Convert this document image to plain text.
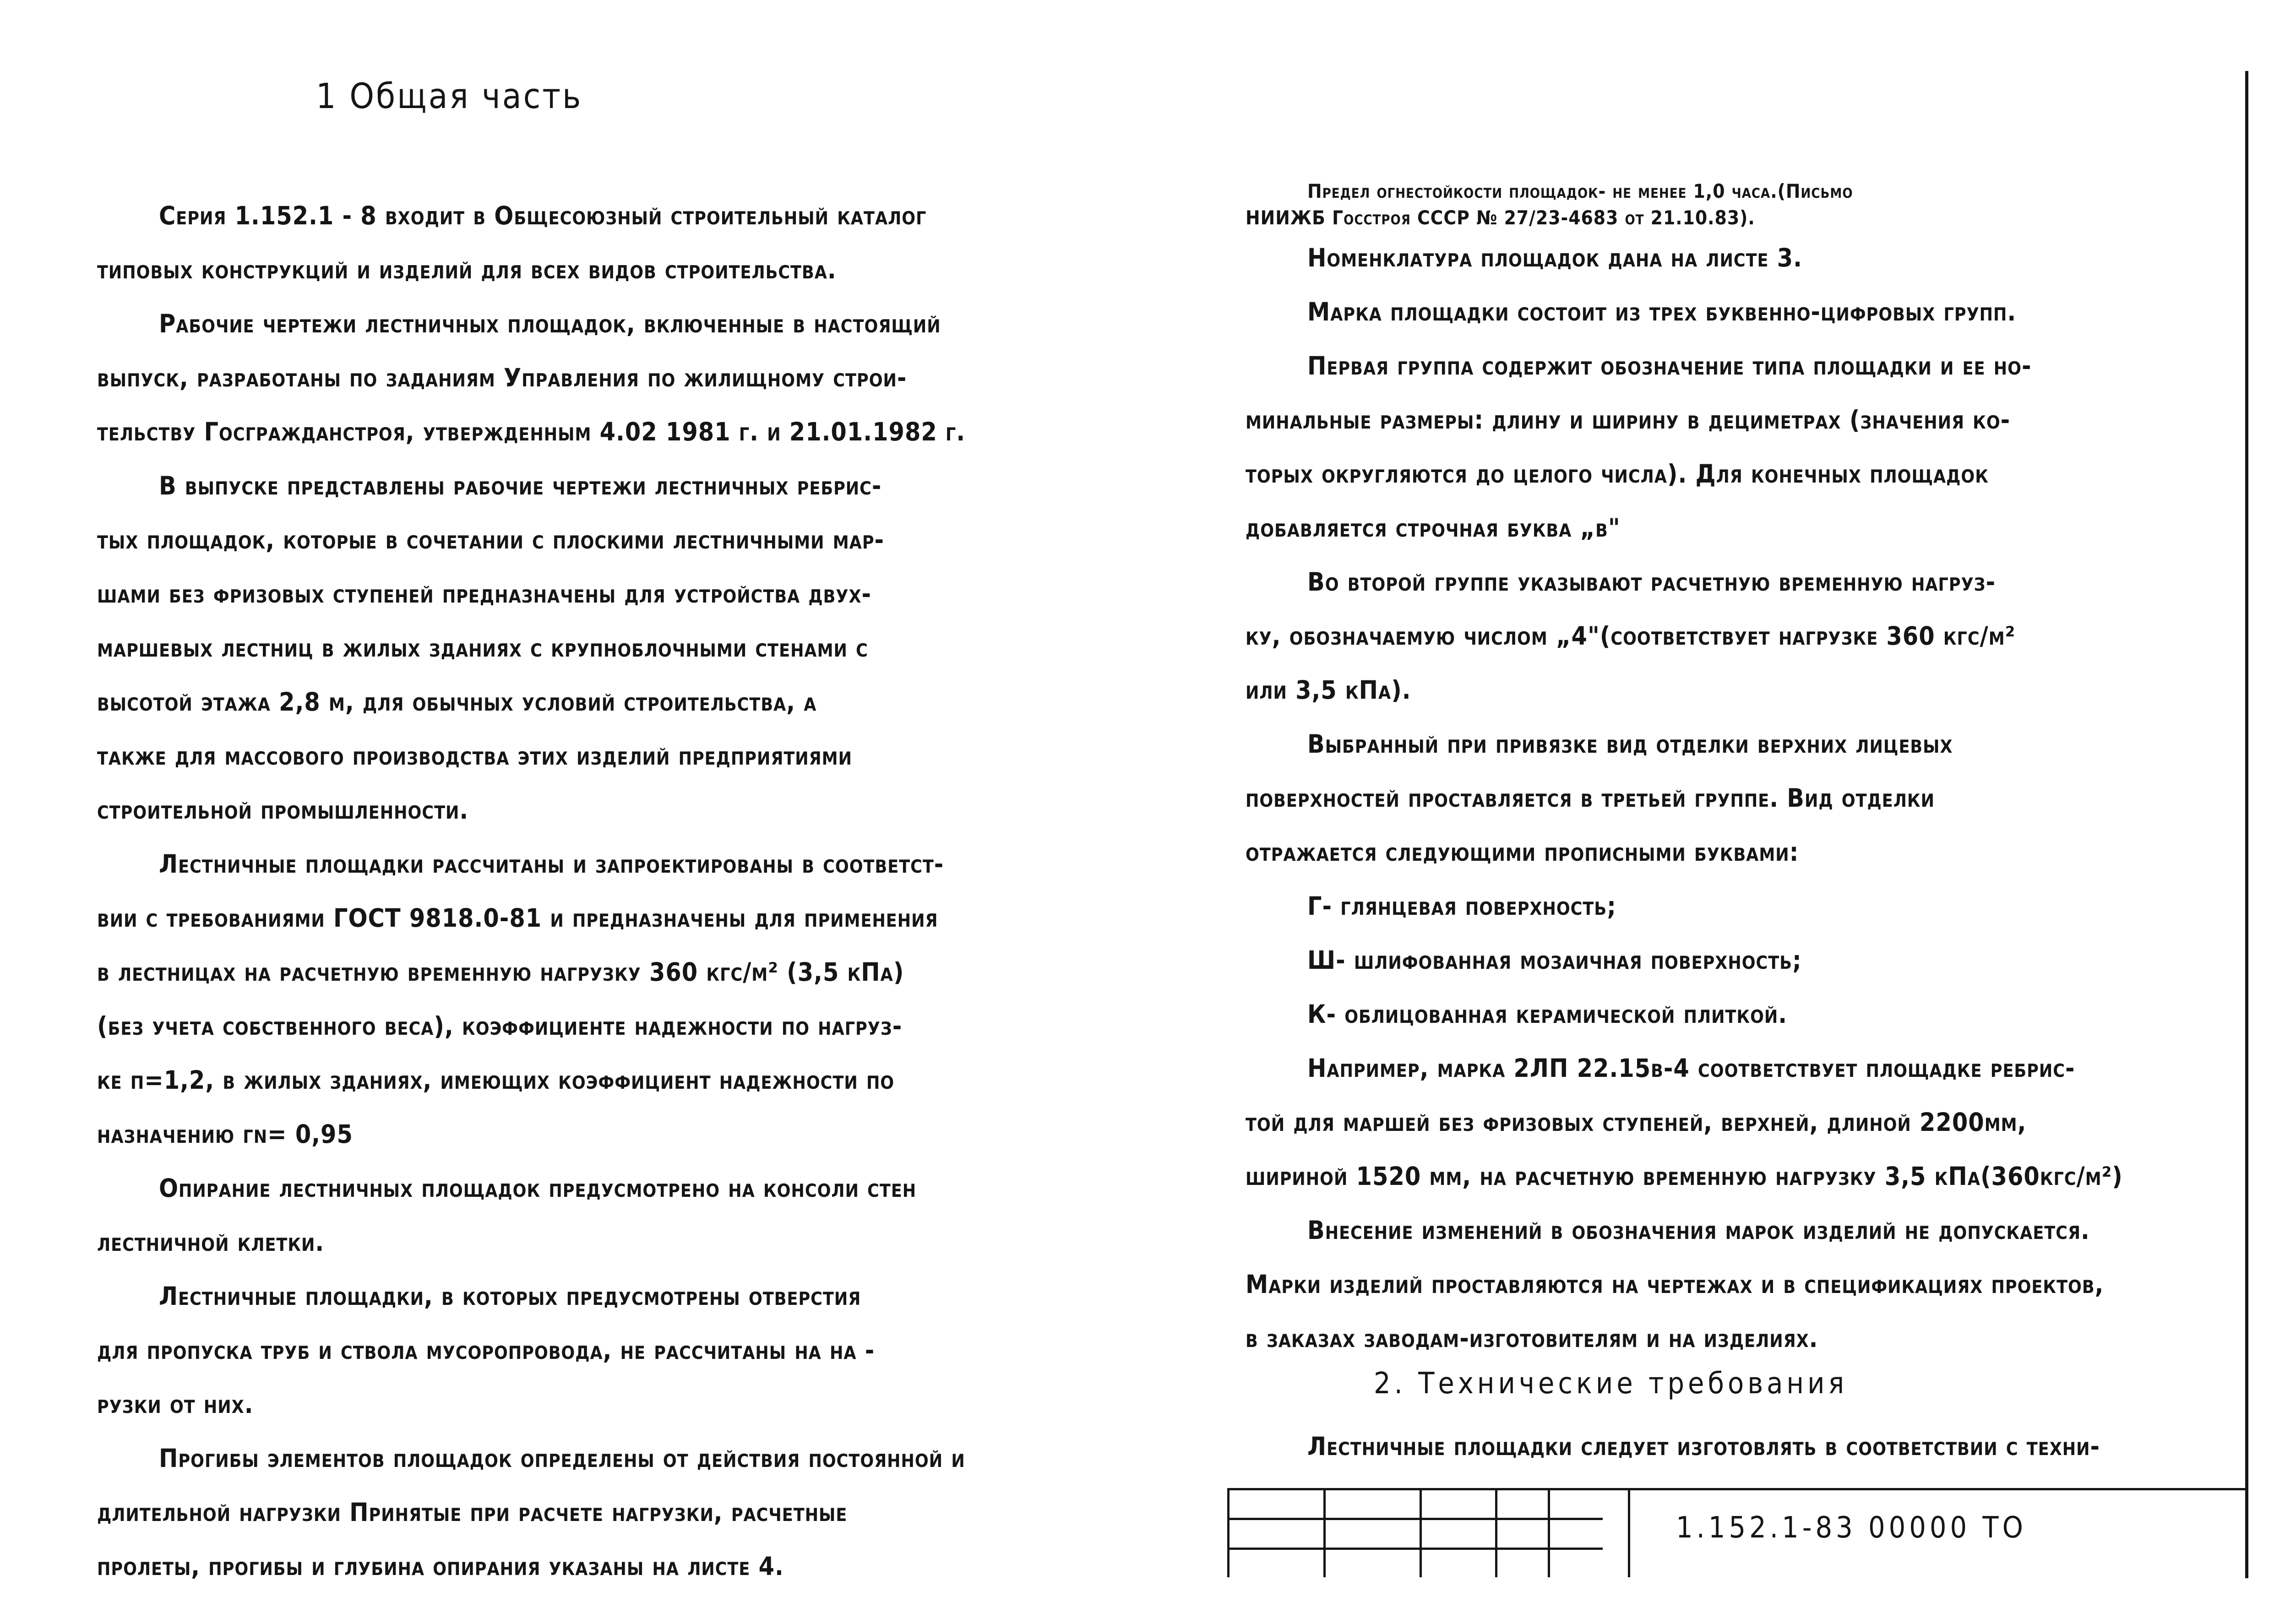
1 Общая часть
Серия 1.152.1 - 8 входит в Общесоюзный строительный каталог
типовых конструкций и изделий для всех видов строительства.
Рабочие чертежи лестничных площадок, включенные в настоящий
выпуск, разработаны по заданиям Управления по жилищному строи-
тельству Госгражданстроя, утвержденным 4.02 1981 г. и 21.01.1982 г.
В выпуске представлены рабочие чертежи лестничных ребрис-
тых площадок, которые в сочетании с плоскими лестничными мар-
шами без фризовых ступеней предназначены для устройства двух-
маршевых лестниц в жилых зданиях с крупноблочными стенами с
высотой этажа 2,8 м, для обычных условий строительства, а
также для массового производства этих изделий предприятиями
строительной промышленности.
Лестничные площадки рассчитаны и запроектированы в соответст-
вии с требованиями ГОСТ 9818.0-81 и предназначены для применения
в лестницах на расчетную временную нагрузку 360 кгс/м² (3,5 кПа)
(без учета собственного веса), коэффициенте надежности по нагруз-
ке п=1,2, в жилых зданиях, имеющих коэффициент надежности по
назначению γn= 0,95
Опирание лестничных площадок предусмотрено на консоли стен
лестничной клетки.
Лестничные площадки, в которых предусмотрены отверстия
для пропуска труб и ствола мусоропровода, не рассчитаны на на -
рузки от них.
Прогибы элементов площадок определены от действия постоянной и
длительной нагрузки Принятые при расчете нагрузки, расчетные
пролеты, прогибы и глубина опирания указаны на листе 4.
Предел огнестойкости площадок- не менее 1,0 часа.(Письмо
НИИЖБ Госстроя СССР № 27/23-4683 от 21.10.83).
Номенклатура площадок дана на листе 3.
Марка площадки состоит из трех буквенно-цифровых групп.
Первая группа содержит обозначение типа площадки и ее но-
минальные размеры: длину и ширину в дециметрах (значения ко-
торых округляются до целого числа). Для конечных площадок
добавляется строчная буква „в"
Во второй группе указывают расчетную временную нагруз-
ку, обозначаемую числом „4"(соответствует нагрузке 360 кгс/м²
или 3,5 кПа).
Выбранный при привязке вид отделки верхних лицевых
поверхностей проставляется в третьей группе. Вид отделки
отражается следующими прописными буквами:
Г- глянцевая поверхность;
Ш- шлифованная мозаичная поверхность;
К- облицованная керамической плиткой.
Например, марка 2ЛП 22.15в-4 соответствует площадке ребрис-
той для маршей без фризовых ступеней, верхней, длиной 2200мм,
шириной 1520 мм, на расчетную временную нагрузку 3,5 кПа(360кгс/м²)
Внесение изменений в обозначения марок изделий не допускается.
Марки изделий проставляются на чертежах и в спецификациях проектов,
в заказах заводам-изготовителям и на изделиях.
2. Технические требования
Лестничные площадки следует изготовлять в соответствии с техни-
1.152.1-83 00000 ТО
